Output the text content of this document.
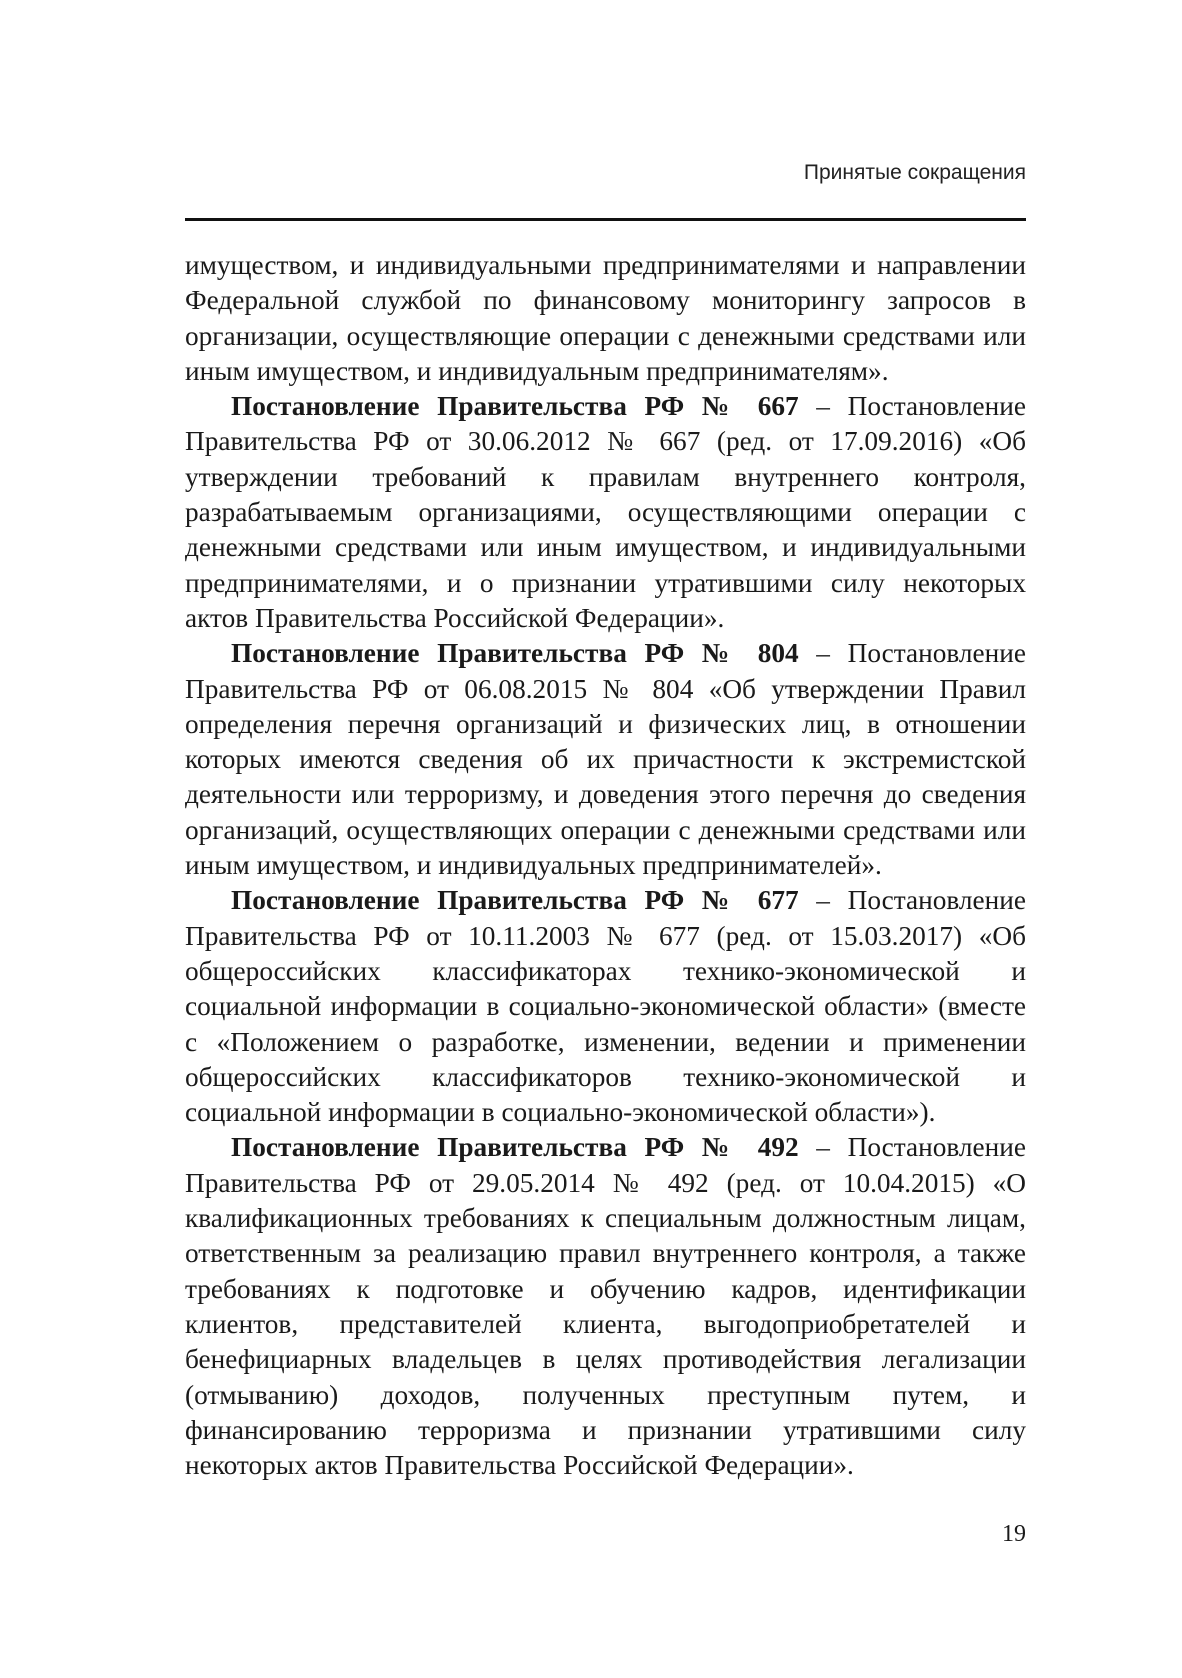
Принятые сокращения

имуществом, и индивидуальными предпринимателями и направлении Федеральной службой по финансовому мониторингу запросов в организации, осуществляющие операции с денежными средствами или иным имуществом, и индивидуальным предпринимателям».

Постановление Правительства РФ № 667 – Постановление Правительства РФ от 30.06.2012 № 667 (ред. от 17.09.2016) «Об утверждении требований к правилам внутреннего контроля, разрабатываемым организациями, осуществляющими операции с денежными средствами или иным имуществом, и индивидуальными предпринимателями, и о признании утратившими силу некоторых актов Правительства Российской Федерации».

Постановление Правительства РФ № 804 – Постановление Правительства РФ от 06.08.2015 № 804 «Об утверждении Правил определения перечня организаций и физических лиц, в отношении которых имеются сведения об их причастности к экстремистской деятельности или терроризму, и доведения этого перечня до сведения организаций, осуществляющих операции с денежными средствами или иным имуществом, и индивидуальных предпринимателей».

Постановление Правительства РФ № 677 – Постановление Правительства РФ от 10.11.2003 № 677 (ред. от 15.03.2017) «Об общероссийских классификаторах технико-экономической и социальной информации в социально-экономической области» (вместе с «Положением о разработке, изменении, ведении и применении общероссийских классификаторов технико-экономической и социальной информации в социально-экономической области»).

Постановление Правительства РФ № 492 – Постановление Правительства РФ от 29.05.2014 № 492 (ред. от 10.04.2015) «О квалификационных требованиях к специальным должностным лицам, ответственным за реализацию правил внутреннего контроля, а также требованиях к подготовке и обучению кадров, идентификации клиентов, представителей клиента, выгодоприобретателей и бенефициарных владельцев в целях противодействия легализации (отмыванию) доходов, полученных преступным путем, и финансированию терроризма и признании утратившими силу некоторых актов Правительства Российской Федерации».

19
